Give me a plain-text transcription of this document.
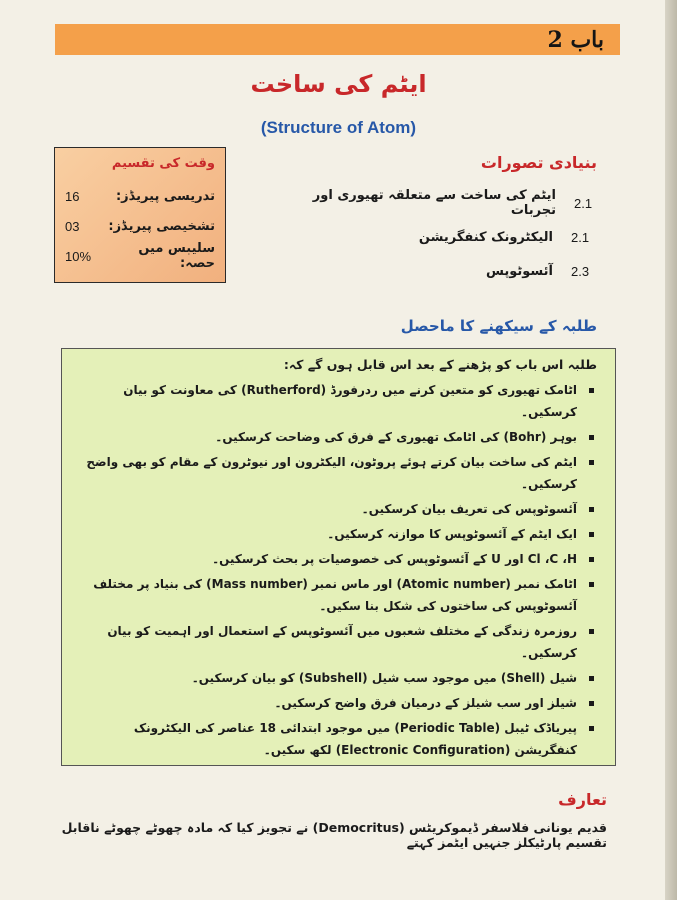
باب 2
ایٹم کی ساخت
(Structure of Atom)
وقت کی تقسیم
16	تدریسی پیریڈز:
03	تشخیصی پیریڈز:
10%	سلیبس میں حصہ:
بنیادی تصورات
ایٹم کی ساخت سے متعلقہ تھیوری اور تجربات 2.1
الیکٹرونک کنفگریشن 2.1
آئسوٹوپس 2.3
طلبہ کے سیکھنے کا ماحصل
طلبہ اس باب کو پڑھنے کے بعد اس قابل ہوں گے کہ:
اٹامک تھیوری کو متعین کرنے میں ردرفورڈ (Rutherford) کی معاونت کو بیان کرسکیں۔
بوہر (Bohr) کی اٹامک تھیوری کے فرق کی وضاحت کرسکیں۔
ایٹم کی ساخت بیان کرتے ہوئے پروٹون، الیکٹرون اور نیوٹرون کے مقام کو بھی واضح کرسکیں۔
آئسوٹوپس کی تعریف بیان کرسکیں۔
ایک ایٹم کے آئسوٹوپس کا موازنہ کرسکیں۔
Cl ،C ،H اور U کے آئسوٹوپس کی خصوصیات پر بحث کرسکیں۔
اٹامک نمبر (Atomic number) اور ماس نمبر (Mass number) کی بنیاد پر مختلف آئسوٹوپس کی ساختوں کی شکل بنا سکیں۔
روزمرہ زندگی کے مختلف شعبوں میں آئسوٹوپس کے استعمال اور اہمیت کو بیان کرسکیں۔
شیل (Shell) میں موجود سب شیل (Subshell) کو بیان کرسکیں۔
شیلز اور سب شیلز کے درمیان فرق واضح کرسکیں۔
پیریاڈک ٹیبل (Periodic Table) میں موجود ابتدائی 18 عناصر کی الیکٹرونک کنفگریشن (Electronic Configuration) لکھ سکیں۔
تعارف
قدیم یونانی فلاسفر ڈیموکریٹس (Democritus) نے تجویز کیا کہ مادہ چھوٹے چھوٹے ناقابل تقسیم پارٹیکلز جنہیں ایٹمز کہتے
